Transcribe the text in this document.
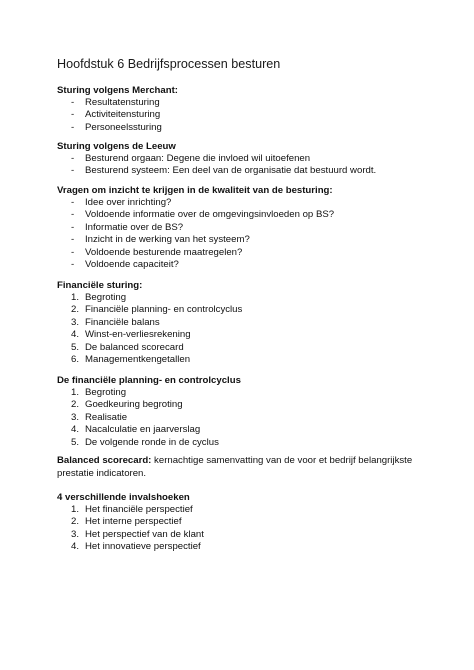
Hoofdstuk 6 Bedrijfsprocessen besturen
Sturing volgens Merchant:
- Resultatensturing
- Activiteitensturing
- Personeelssturing
Sturing volgens de Leeuw
- Besturend orgaan: Degene die invloed wil uitoefenen
- Besturend systeem: Een deel van de organisatie dat bestuurd wordt.
Vragen om inzicht te krijgen in de kwaliteit van de besturing:
- Idee over inrichting?
- Voldoende informatie over de omgevingsinvloeden op BS?
- Informatie over de BS?
- Inzicht in de werking van het systeem?
- Voldoende besturende maatregelen?
- Voldoende capaciteit?
Financiële sturing:
1. Begroting
2. Financiële planning- en controlcyclus
3. Financiële balans
4. Winst-en-verliesrekening
5. De balanced scorecard
6. Managementkengetallen
De financiële planning- en controlcyclus
1. Begroting
2. Goedkeuring begroting
3. Realisatie
4. Nacalculatie en jaarverslag
5. De volgende ronde in de cyclus
Balanced scorecard: kernachtige samenvatting van de voor et bedrijf belangrijkste prestatie indicatoren.
4 verschillende invalshoeken
1. Het financiële perspectief
2. Het interne perspectief
3. Het perspectief van de klant
4. Het innovatieve perspectief
